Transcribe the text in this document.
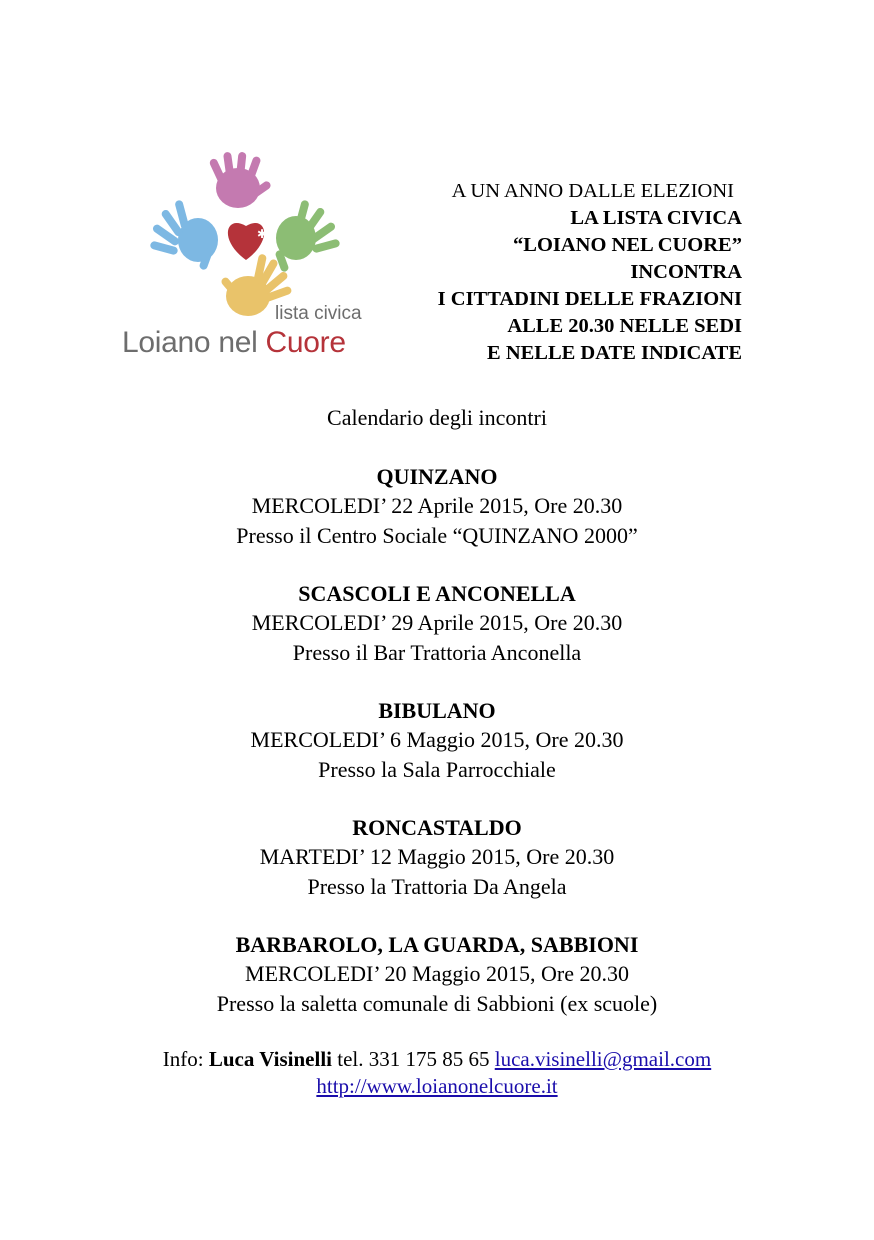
✱
lista civica
Loiano nel Cuore
A UN ANNO DALLE ELEZIONI
LA LISTA CIVICA
“LOIANO NEL CUORE”
INCONTRA
I CITTADINI DELLE FRAZIONI
ALLE 20.30 NELLE SEDI
E NELLE DATE INDICATE
Calendario degli incontri
QUINZANO
MERCOLEDI’ 22 Aprile 2015, Ore 20.30
Presso il Centro Sociale “QUINZANO 2000”
SCASCOLI E ANCONELLA
MERCOLEDI’ 29 Aprile 2015, Ore 20.30
Presso il Bar Trattoria Anconella
BIBULANO
MERCOLEDI’ 6 Maggio 2015, Ore 20.30
Presso la Sala Parrocchiale
RONCASTALDO
MARTEDI’ 12 Maggio 2015, Ore 20.30
Presso la Trattoria Da Angela
BARBAROLO, LA GUARDA, SABBIONI
MERCOLEDI’ 20 Maggio 2015, Ore 20.30
Presso la saletta comunale di Sabbioni (ex scuole)
Info: Luca Visinelli tel. 331 175 85 65 luca.visinelli@gmail.com
http://www.loianonelcuore.it
